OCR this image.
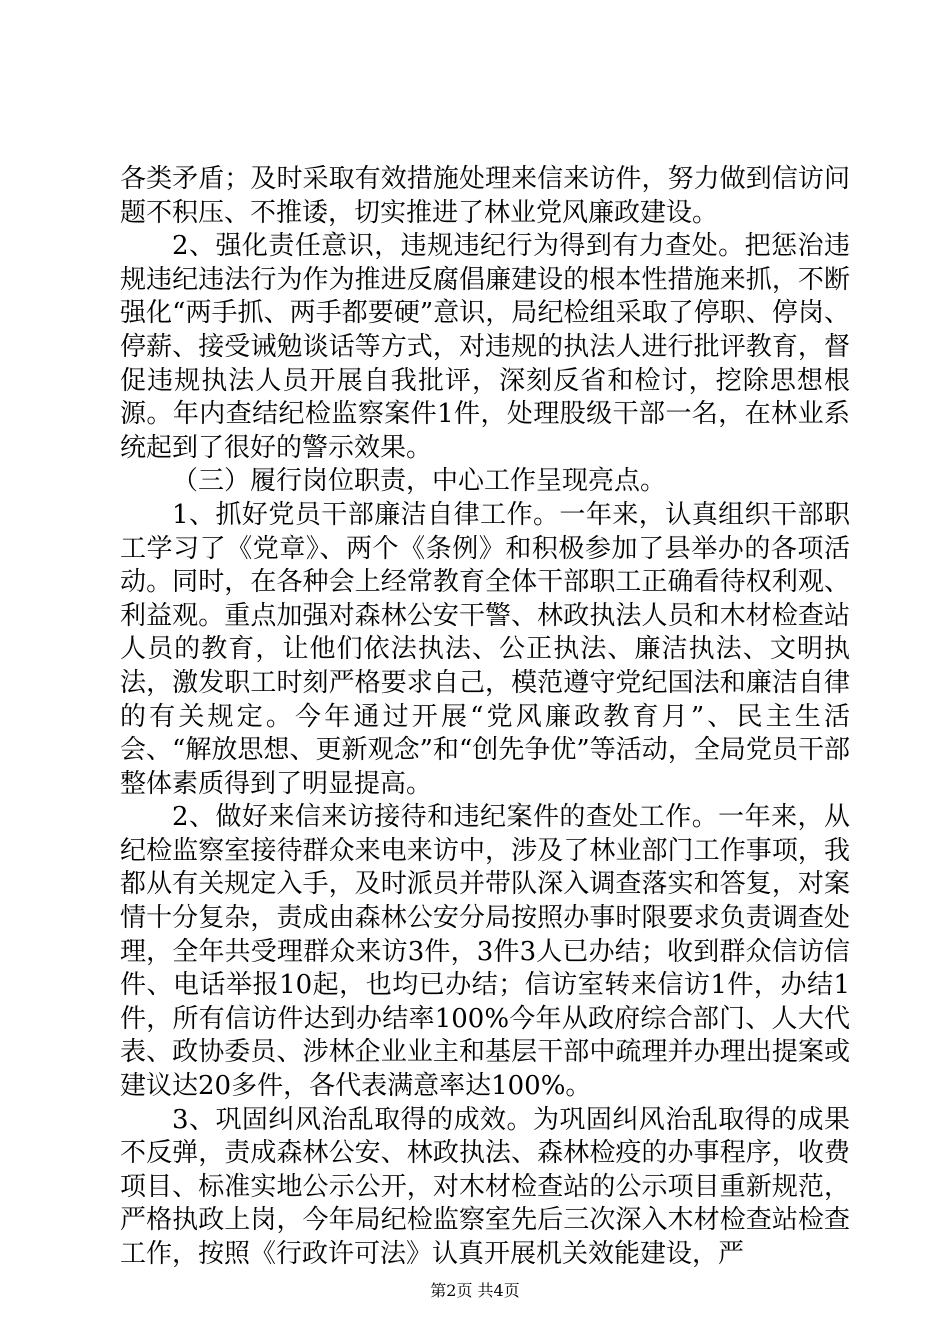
各类矛盾；及时采取有效措施处理来信来访件，努力做到信访问题不积压、不推诿，切实推进了林业党风廉政建设。

2、强化责任意识，违规违纪行为得到有力查处。把惩治违规违纪违法行为作为推进反腐倡廉建设的根本性措施来抓，不断强化“两手抓、两手都要硬”意识，局纪检组采取了停职、停岗、停薪、接受诫勉谈话等方式，对违规的执法人进行批评教育，督促违规执法人员开展自我批评，深刻反省和检讨，挖除思想根源。年内查结纪检监察案件1件，处理股级干部一名，在林业系统起到了很好的警示效果。

（三）履行岗位职责，中心工作呈现亮点。

1、抓好党员干部廉洁自律工作。一年来，认真组织干部职工学习了《党章》、两个《条例》和积极参加了县举办的各项活动。同时，在各种会上经常教育全体干部职工正确看待权利观、利益观。重点加强对森林公安干警、林政执法人员和木材检查站人员的教育，让他们依法执法、公正执法、廉洁执法、文明执法，激发职工时刻严格要求自己，模范遵守党纪国法和廉洁自律的有关规定。今年通过开展“党风廉政教育月”、民主生活会、“解放思想、更新观念”和“创先争优”等活动，全局党员干部整体素质得到了明显提高。

2、做好来信来访接待和违纪案件的查处工作。一年来，从纪检监察室接待群众来电来访中，涉及了林业部门工作事项，我都从有关规定入手，及时派员并带队深入调查落实和答复，对案情十分复杂，责成由森林公安分局按照办事时限要求负责调查处理，全年共受理群众来访3件，3件3人已办结；收到群众信访信件、电话举报10起，也均已办结；信访室转来信访1件，办结1件，所有信访件达到办结率100%今年从政府综合部门、人大代表、政协委员、涉林企业业主和基层干部中疏理并办理出提案或建议达20多件，各代表满意率达100%。

3、巩固纠风治乱取得的成效。为巩固纠风治乱取得的成果不反弹，责成森林公安、林政执法、森林检疫的办事程序，收费项目、标准实地公示公开，对木材检查站的公示项目重新规范，严格执政上岗，今年局纪检监察室先后三次深入木材检查站检查工作，按照《行政许可法》认真开展机关效能建设，严

第2页 共4页
